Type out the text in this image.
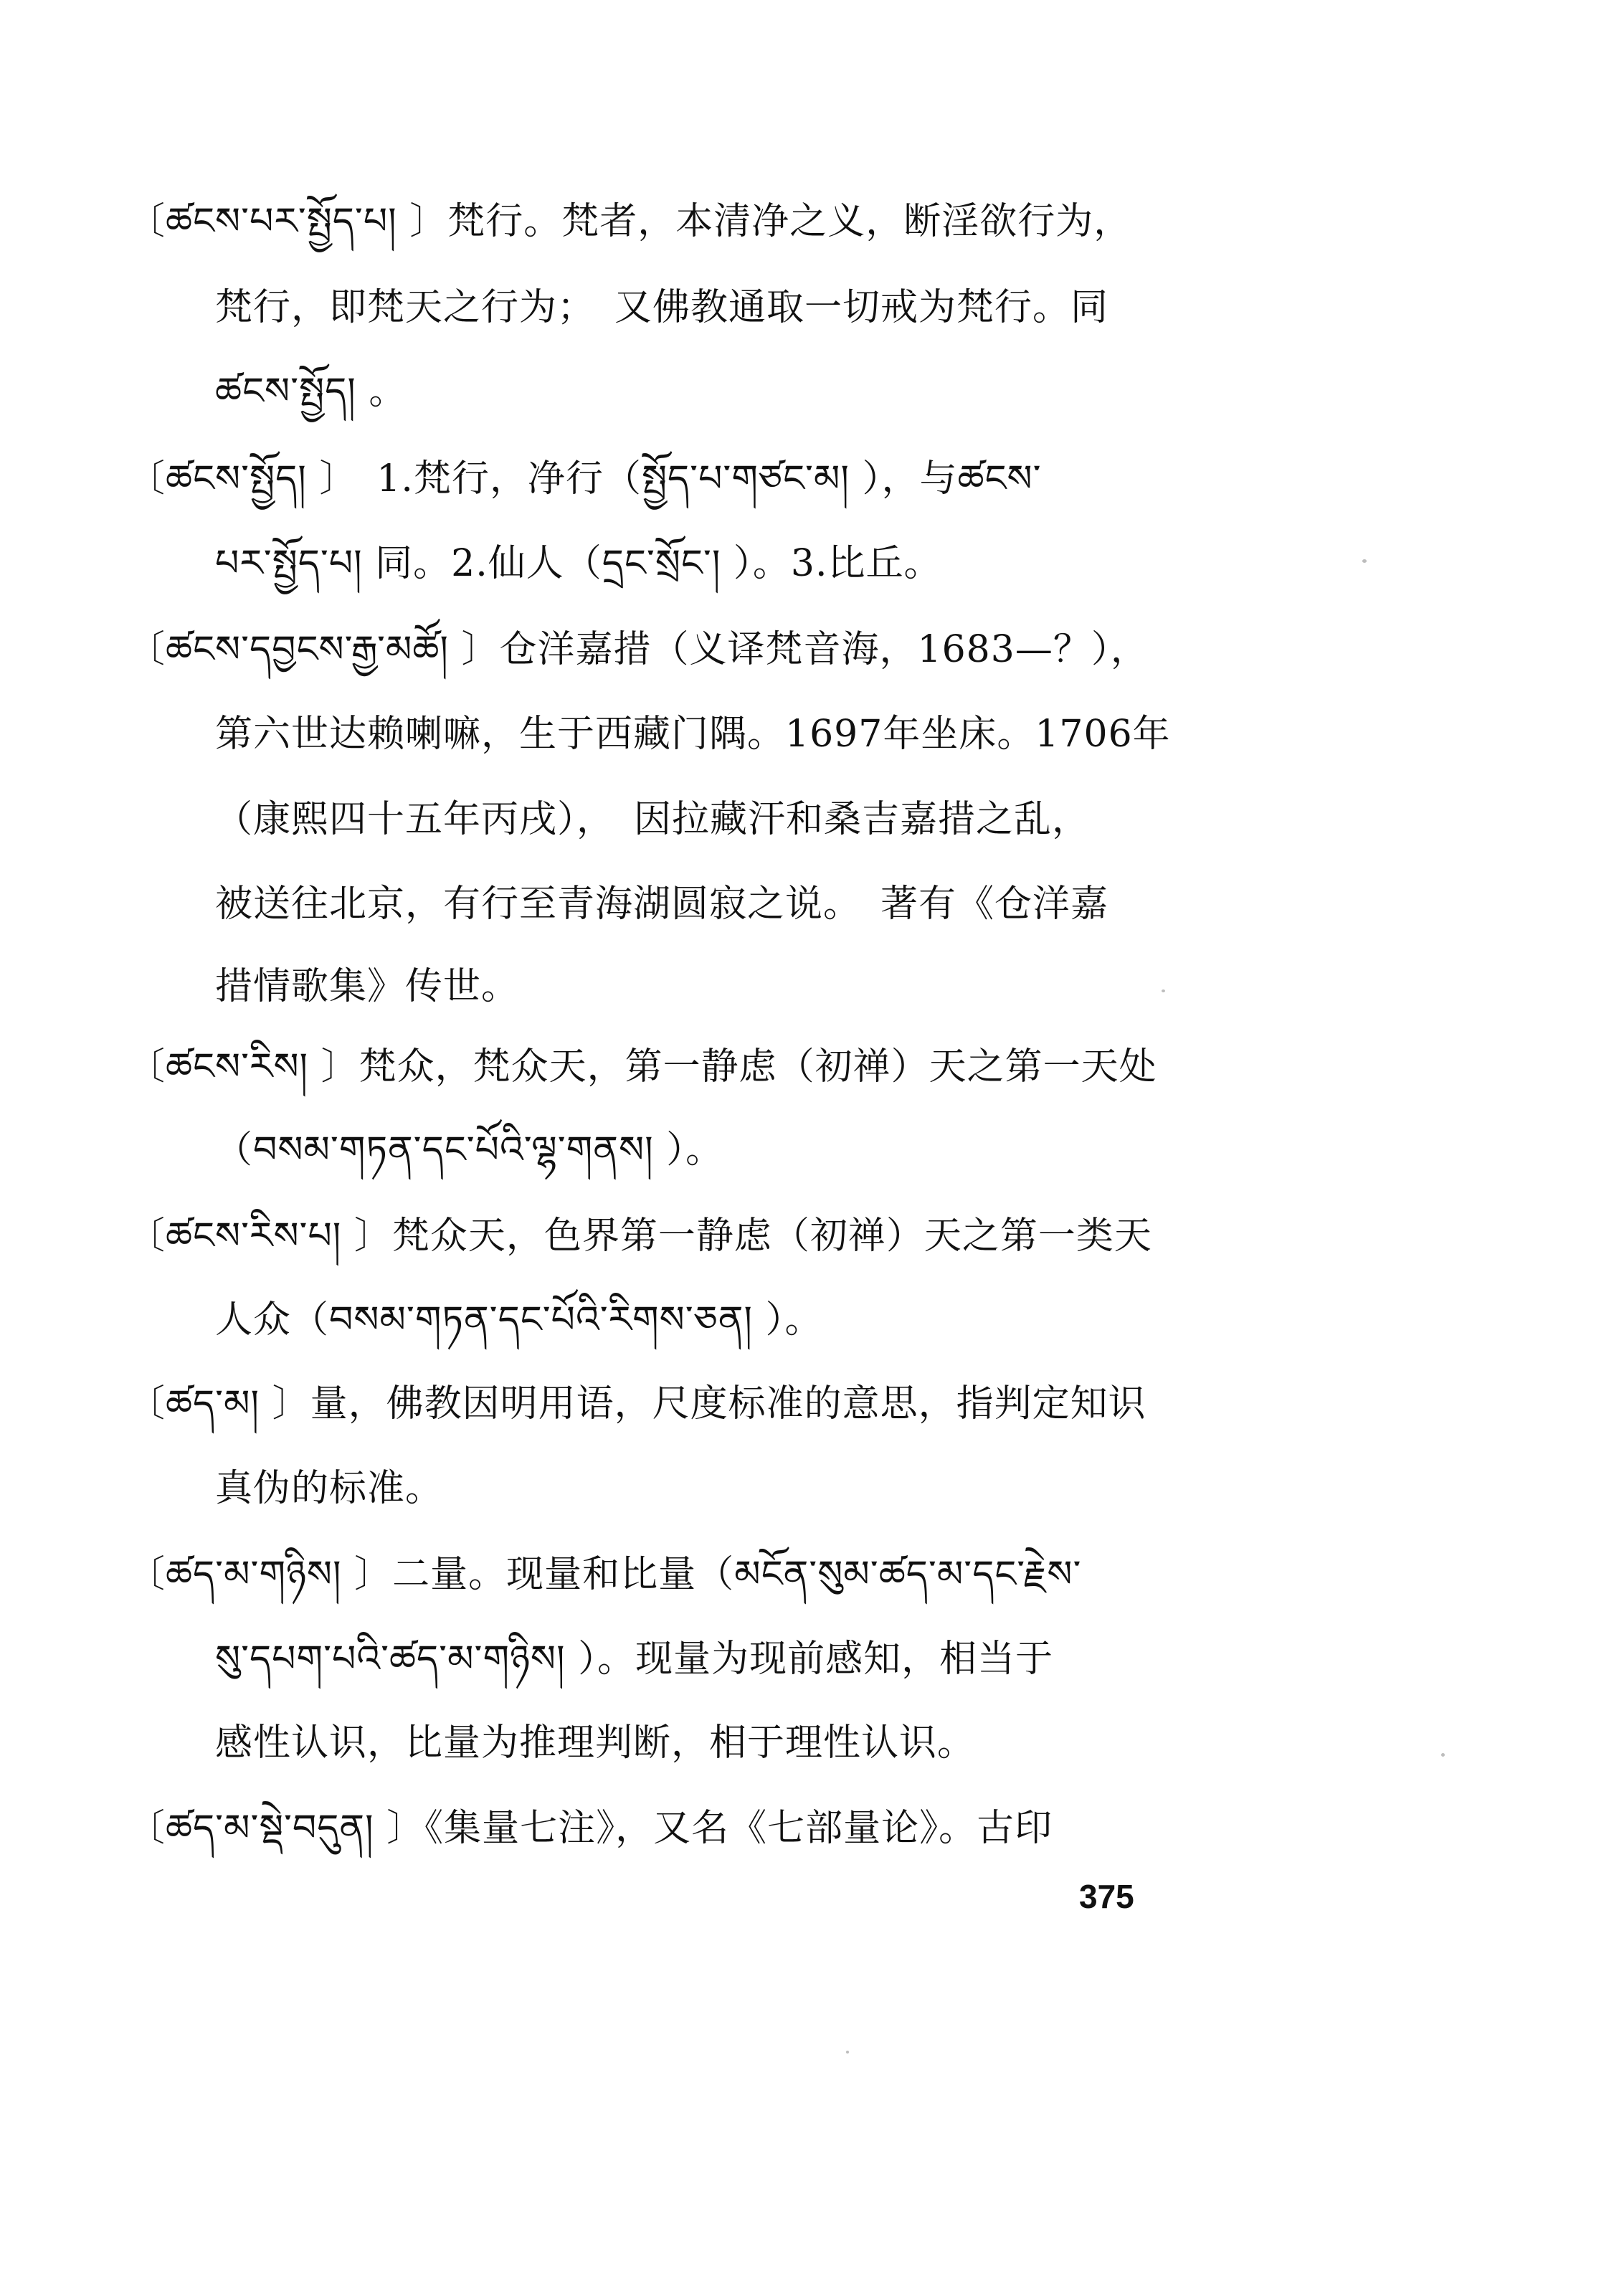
〔ཚངས་པར་སྤྱོད་པ། 〕梵行。梵者，本清净之义，断淫欲行为，
梵行，即梵天之行为；　又佛教通取一切戒为梵行。同
ཚངས་སྤྱོད། 。
〔ཚངས་སྤྱོད། 〕　1.梵行，净行（སྤྱོད་པ་གཙང་མ། ），与ཚངས་
པར་སྤྱོད་པ། 同。2.仙人（དྲང་སྲོང་། ）。3.比丘。
〔ཚངས་དབྱངས་རྒྱ་མཚོ། 〕仓洋嘉措（义译梵音海，1683—？），
第六世达赖喇嘛，生于西藏门隅。1697年坐床。1706年
（康熙四十五年丙戌），　因拉藏汗和桑吉嘉措之乱，
被送往北京，有行至青海湖圆寂之说。　著有《仓洋嘉
措情歌集》传世。
〔ཚངས་རིས། 〕梵众，梵众天，第一静虑（初禅）天之第一天处
（བསམ་གཏན་དང་པོའི་ལྷ་གནས། ）。
〔ཚངས་རིས་པ། 〕梵众天，色界第一静虑（初禅）天之第一类天
人众（བསམ་གཏན་དང་པོའི་རིགས་ཅན། ）。
〔ཚད་མ། 〕量，佛教因明用语，尺度标准的意思，指判定知识
真伪的标准。
〔ཚད་མ་གཉིས། 〕二量。现量和比量（མངོན་སུམ་ཚད་མ་དང་རྗེས་
སུ་དཔག་པའི་ཚད་མ་གཉིས། ）。现量为现前感知，相当于
感性认识，比量为推理判断，相于理性认识。
〔ཚད་མ་སྡེ་བདུན། 〕《集量七注》，又名《七部量论》。古印
375
